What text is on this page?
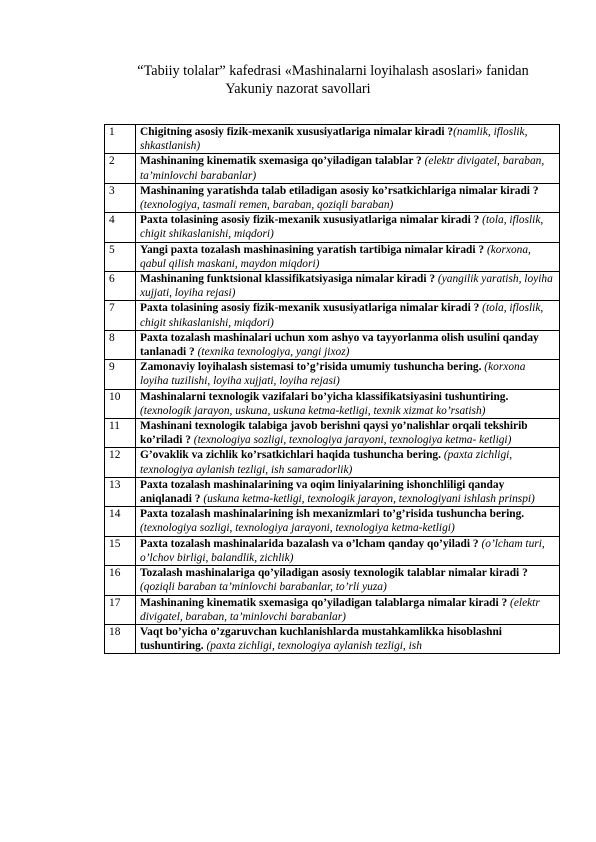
“Tabiiy tolalar” kafedrasi «Mashinalarni loyihalash asoslari» fanidan
Yakuniy nazorat savollari
1	Chigitning asosiy fizik-mexanik xususiyatlariga nimalar kiradi ?(namlik, ifloslik, shkastlanish)
2	Mashinaning kinematik sxemasiga qo’yiladigan talablar ? (elektr divigatel, baraban, ta’minlovchi barabanlar)
3	Mashinaning yaratishda talab etiladigan asosiy ko’rsatkichlariga nimalar kiradi ? (texnologiya, tasmali remen, baraban, qoziqli baraban)
4	Paxta tolasining asosiy fizik-mexanik xususiyatlariga nimalar kiradi ? (tola, ifloslik, chigit shikaslanishi, miqdori)
5	Yangi paxta tozalash mashinasining yaratish tartibiga nimalar kiradi ? (korxona, qabul qilish maskani, maydon miqdori)
6	Mashinaning funktsional klassifikatsiyasiga nimalar kiradi ? (yangilik yaratish, loyiha xujjati, loyiha rejasi)
7	Paxta tolasining asosiy fizik-mexanik xususiyatlariga nimalar kiradi ? (tola, ifloslik, chigit shikaslanishi, miqdori)
8	Paxta tozalash mashinalari uchun xom ashyo va tayyorlanma olish usulini qanday tanlanadi ? (texnika texnologiya, yangi jixoz)
9	Zamonaviy loyihalash sistemasi to’g’risida umumiy tushuncha bering. (korxona loyiha tuzilishi, loyiha xujjati, loyiha rejasi)
10	Mashinalarni texnologik vazifalari bo’yicha klassifikatsiyasini tushuntiring. (texnologik jarayon, uskuna, uskuna ketma-ketligi, texnik xizmat ko’rsatish)
11	Mashinani texnologik talabiga javob berishni qaysi yo’nalishlar orqali tekshirib ko’riladi ? (texnologiya sozligi, texnologiya jarayoni, texnologiya ketma- ketligi)
12	G’ovaklik va zichlik ko’rsatkichlari haqida tushuncha bering. (paxta zichligi, texnologiya aylanish tezligi, ish samaradorlik)
13	Paxta tozalash mashinalarining va oqim liniyalarining ishonchliligi qanday aniqlanadi ? (uskuna ketma-ketligi, texnologik jarayon, texnologiyani ishlash prinspi)
14	Paxta tozalash mashinalarining ish mexanizmlari to’g’risida tushuncha bering. (texnologiya sozligi, texnologiya jarayoni, texnologiya ketma-ketligi)
15	Paxta tozalash mashinalarida bazalash va o’lcham qanday qo’yiladi ? (o’lcham turi, o’lchov birligi, balandlik, zichlik)
16	Tozalash mashinalariga qo’yiladigan asosiy texnologik talablar nimalar kiradi ? (qoziqli baraban ta’minlovchi barabanlar, to’rli yuza)
17	Mashinaning kinematik sxemasiga qo’yiladigan talablarga nimalar kiradi ? (elektr divigatel, baraban, ta’minlovchi barabanlar)
18	Vaqt bo’yicha o’zgaruvchan kuchlanishlarda mustahkamlikka hisoblashni tushuntiring. (paxta zichligi, texnologiya aylanish tezligi, ish
